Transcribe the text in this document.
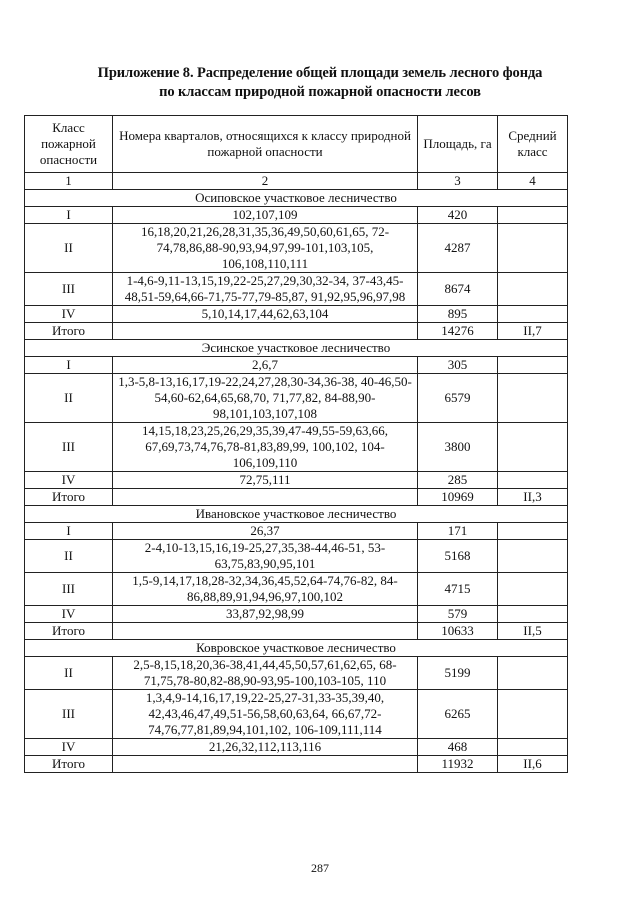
Приложение 8. Распределение общей площади земель лесного фонда
по классам природной пожарной опасности лесов
Класс пожарной опасности	Номера кварталов, относящихся к классу природной пожарной опасности	Площадь, га	Средний класс
1	2	3	4
Осиповское участковое лесничество			
I	102,107,109	420	
II	16,18,20,21,26,28,31,35,36,49,50,60,61,65, 72-74,78,86,88-90,93,94,97,99-101,103,105, 106,108,110,111	4287	
III	1-4,6-9,11-13,15,19,22-25,27,29,30,32-34, 37-43,45-48,51-59,64,66-71,75-77,79-85,87, 91,92,95,96,97,98	8674	
IV	5,10,14,17,44,62,63,104	895	
Итого		14276	II,7
Эсинское участковое лесничество			
I	2,6,7	305	
II	1,3-5,8-13,16,17,19-22,24,27,28,30-34,36-38, 40-46,50-54,60-62,64,65,68,70, 71,77,82, 84-88,90-98,101,103,107,108	6579	
III	14,15,18,23,25,26,29,35,39,47-49,55-59,63,66, 67,69,73,74,76,78-81,83,89,99, 100,102, 104-106,109,110	3800	
IV	72,75,111	285	
Итого		10969	II,3
Ивановское участковое лесничество			
I	26,37	171	
II	2-4,10-13,15,16,19-25,27,35,38-44,46-51, 53-63,75,83,90,95,101	5168	
III	1,5-9,14,17,18,28-32,34,36,45,52,64-74,76-82, 84-86,88,89,91,94,96,97,100,102	4715	
IV	33,87,92,98,99	579	
Итого		10633	II,5
Ковровское участковое лесничество			
II	2,5-8,15,18,20,36-38,41,44,45,50,57,61,62,65, 68-71,75,78-80,82-88,90-93,95-100,103-105, 110	5199	
III	1,3,4,9-14,16,17,19,22-25,27-31,33-35,39,40, 42,43,46,47,49,51-56,58,60,63,64, 66,67,72- 74,76,77,81,89,94,101,102, 106-109,111,114	6265	
IV	21,26,32,112,113,116	468	
Итого		11932	II,6
287
